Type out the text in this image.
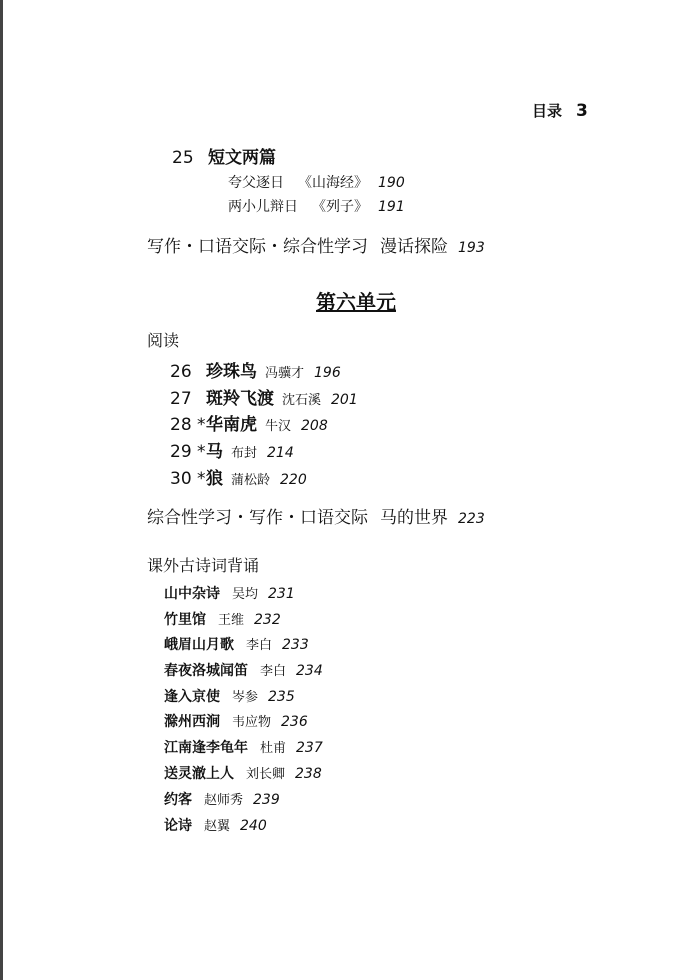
目录 3
25 短文两篇
夸父逐日 《山海经》 190
两小儿辩日 《列子》 191
写作・口语交际・综合性学习 漫话探险 193
第六单元
阅读
26 珍珠鸟 冯骥才 196
27 斑羚飞渡 沈石溪 201
28 *华南虎 牛汉 208
29 *马 布封 214
30 *狼 蒲松龄 220
综合性学习・写作・口语交际 马的世界 223
课外古诗词背诵
山中杂诗 吴均 231
竹里馆 王维 232
峨眉山月歌 李白 233
春夜洛城闻笛 李白 234
逢入京使 岑参 235
滁州西涧 韦应物 236
江南逢李龟年 杜甫 237
送灵澈上人 刘长卿 238
约客 赵师秀 239
论诗 赵翼 240
